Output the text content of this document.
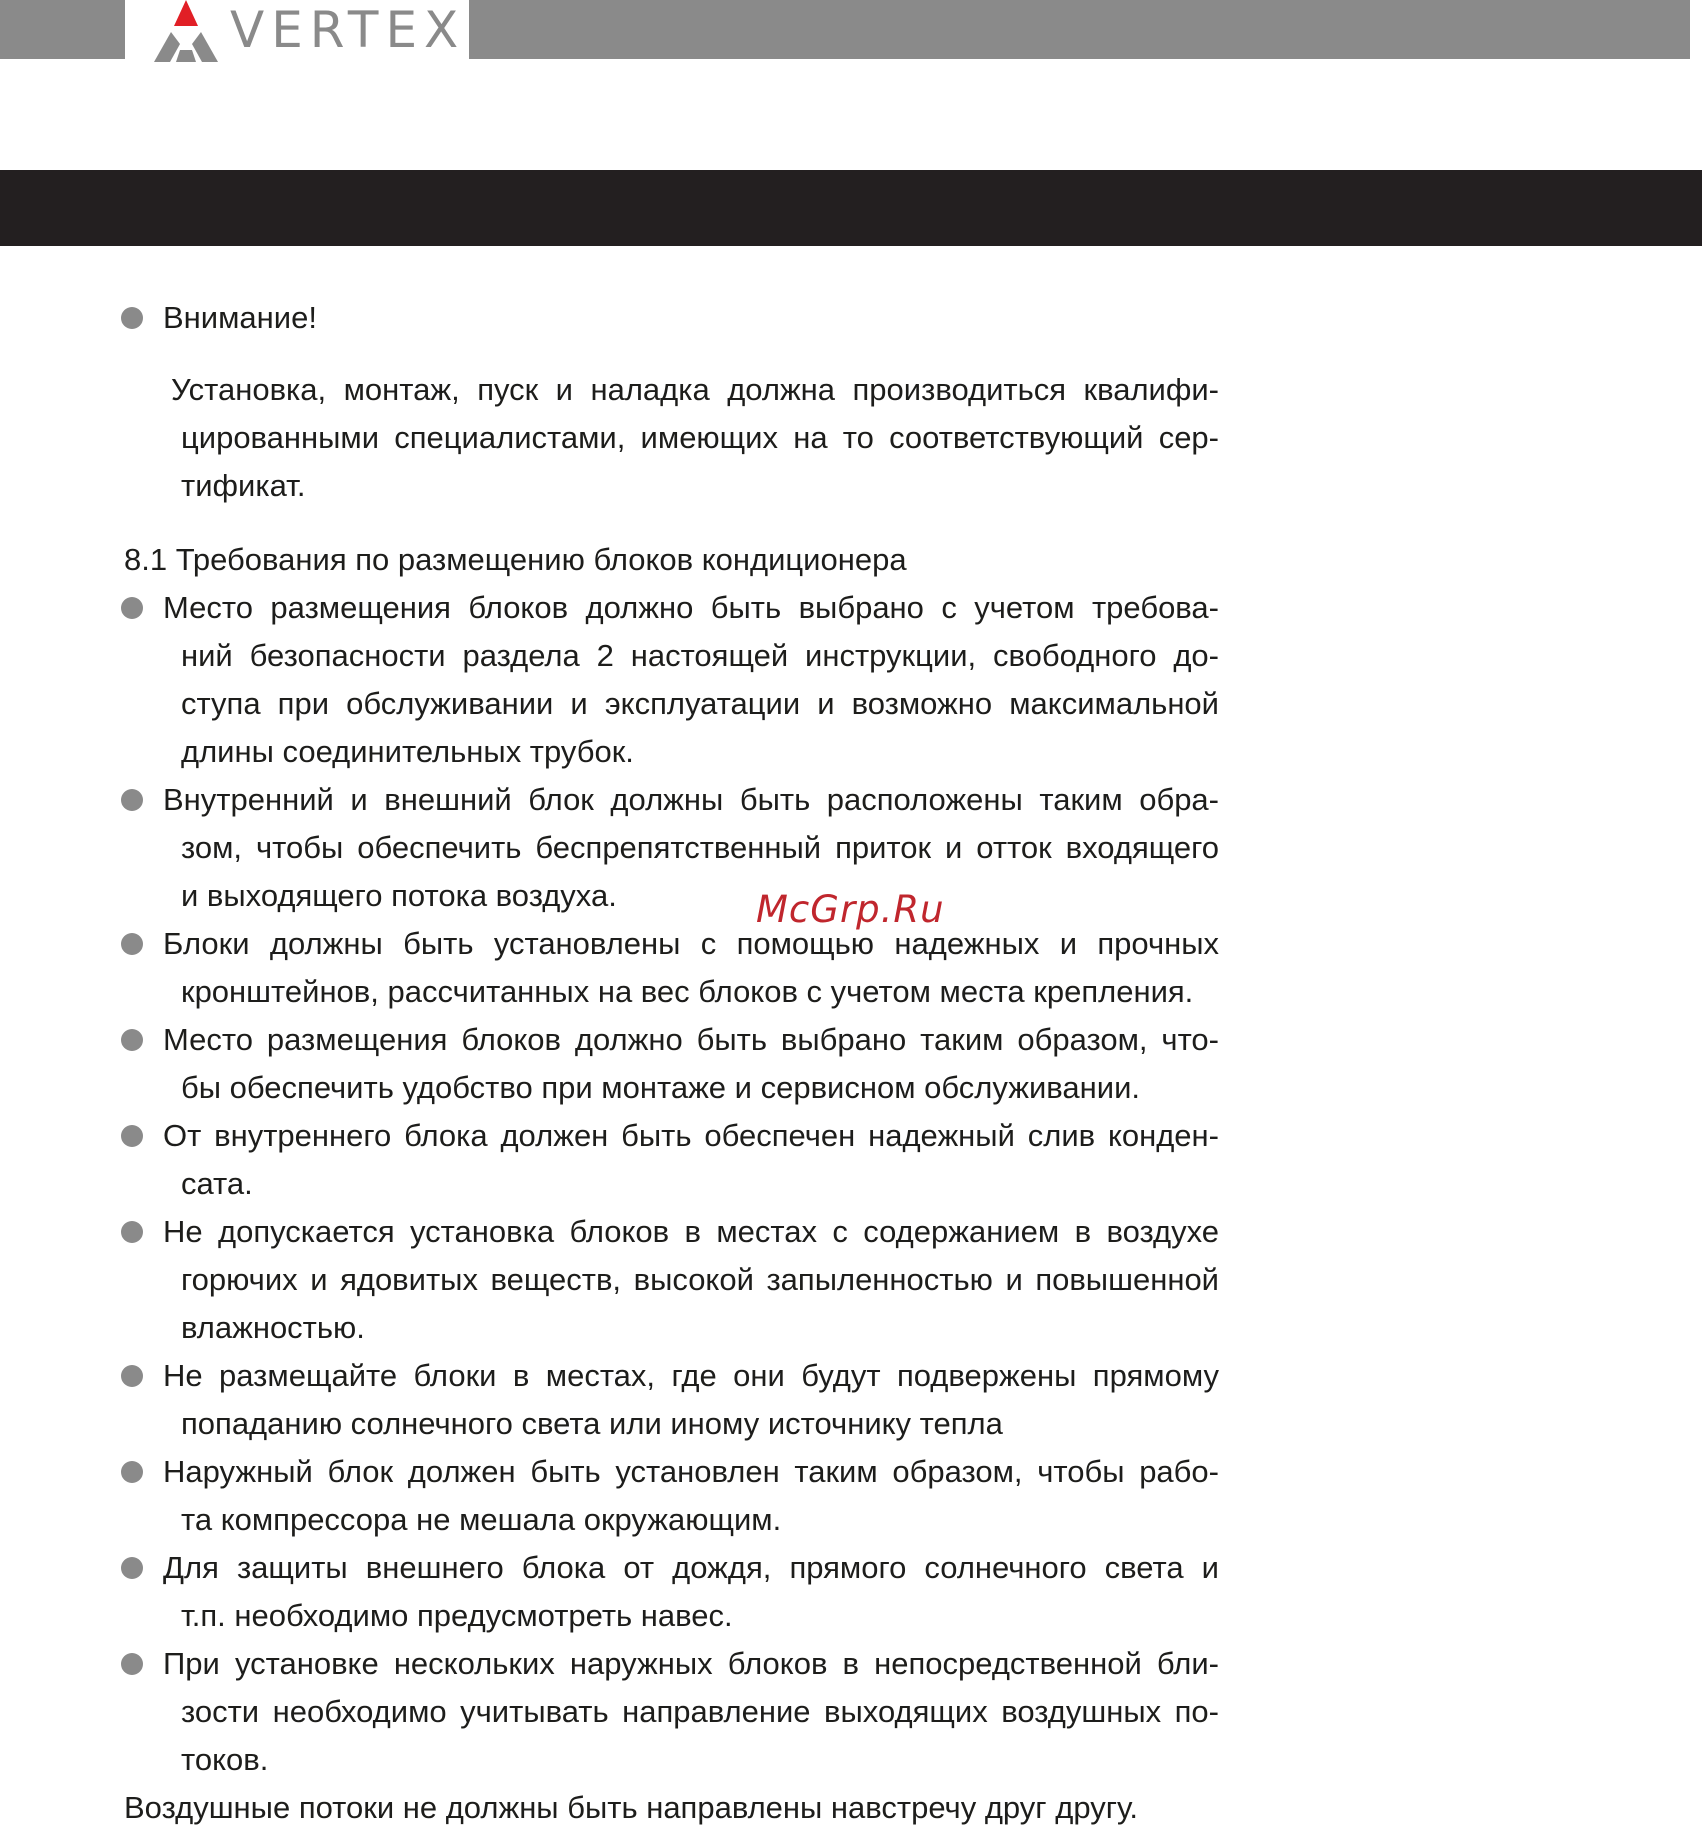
VERTEX
Внимание!
Установка, монтаж, пуск и наладка должна производиться квалифи-
цированными специалистами, имеющих на то соответствующий сер-
тификат.
8.1 Требования по размещению блоков кондиционера
Место размещения блоков должно быть выбрано с учетом требова-
ний безопасности раздела 2 настоящей инструкции, свободного до-
ступа при обслуживании и эксплуатации и возможно максимальной
длины соединительных трубок.
Внутренний и внешний блок должны быть расположены таким обра-
зом, чтобы обеспечить беспрепятственный приток и отток входящего
и выходящего потока воздуха.
Блоки должны быть установлены с помощью надежных и прочных
кронштейнов, рассчитанных на вес блоков с учетом места крепления.
Место размещения блоков должно быть выбрано таким образом, что-
бы обеспечить удобство при монтаже и сервисном обслуживании.
От внутреннего блока должен быть обеспечен надежный слив конден-
сата.
Не допускается установка блоков в местах с содержанием в воздухе
горючих и ядовитых веществ, высокой запыленностью и повышенной
влажностью.
Не размещайте блоки в местах, где они будут подвержены прямому
попаданию солнечного света или иному источнику тепла
Наружный блок должен быть установлен таким образом, чтобы рабо-
та компрессора не мешала окружающим.
Для защиты внешнего блока от дождя, прямого солнечного света и
т.п. необходимо предусмотреть навес.
При установке нескольких наружных блоков в непосредственной бли-
зости необходимо учитывать направление выходящих воздушных по-
токов.
Воздушные потоки не должны быть направлены навстречу друг другу.
McGrp.Ru
